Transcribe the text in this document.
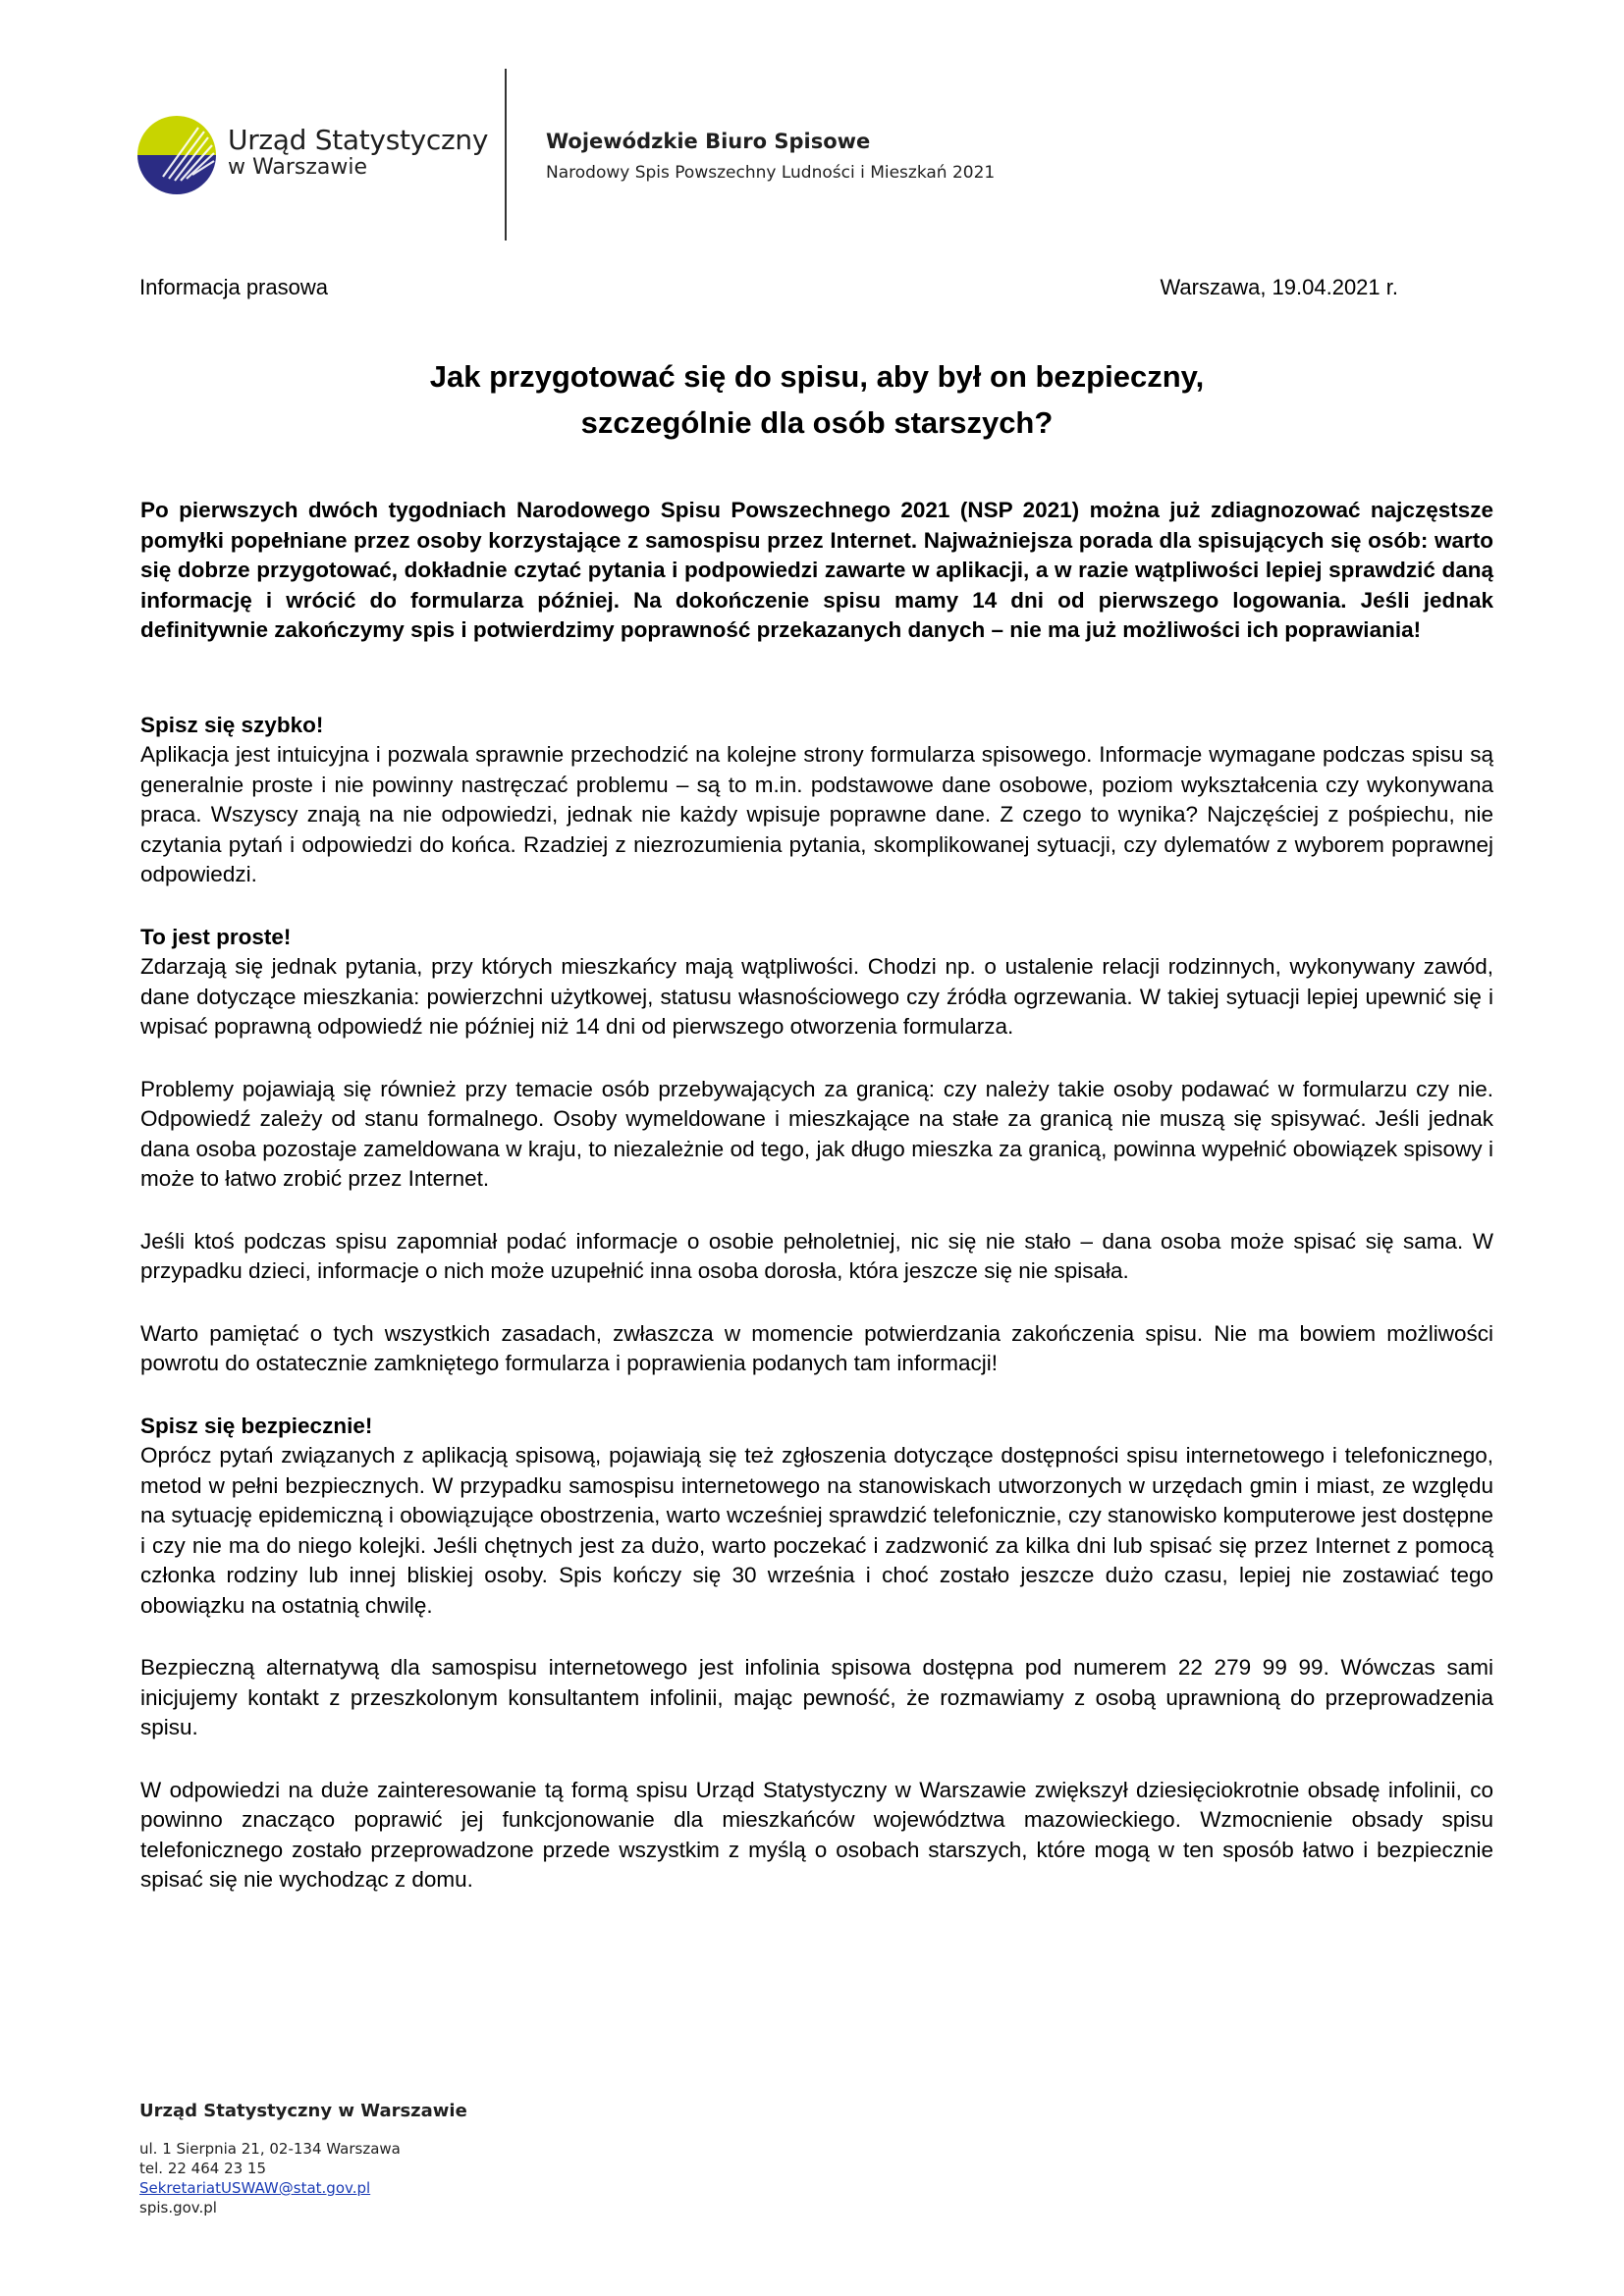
Urząd Statystyczny
w Warszawie
Wojewódzkie Biuro Spisowe
Narodowy Spis Powszechny Ludności i Mieszkań 2021
Informacja prasowa	Warszawa, 19.04.2021 r.
Jak przygotować się do spisu, aby był on bezpieczny,
szczególnie dla osób starszych?

Po pierwszych dwóch tygodniach Narodowego Spisu Powszechnego 2021 (NSP 2021) można już zdiagnozować najczęstsze pomyłki popełniane przez osoby korzystające z samospisu przez Internet. Najważniejsza porada dla spisujących się osób: warto się dobrze przygotować, dokładnie czytać pytania i podpowiedzi zawarte w aplikacji, a w razie wątpliwości lepiej sprawdzić daną informację i wrócić do formularza później. Na dokończenie spisu mamy 14 dni od pierwszego logowania. Jeśli jednak definitywnie zakończymy spis i potwierdzimy poprawność przekazanych danych – nie ma już możliwości ich poprawiania!

Spisz się szybko!

Aplikacja jest intuicyjna i pozwala sprawnie przechodzić na kolejne strony formularza spisowego. Informacje wymagane podczas spisu są generalnie proste i nie powinny nastręczać problemu – są to m.in. podstawowe dane osobowe, poziom wykształcenia czy wykonywana praca. Wszyscy znają na nie odpowiedzi, jednak nie każdy wpisuje poprawne dane. Z czego to wynika? Najczęściej z pośpiechu, nie czytania pytań i odpowiedzi do końca. Rzadziej z niezrozumienia pytania, skomplikowanej sytuacji, czy dylematów z wyborem poprawnej odpowiedzi.

To jest proste!

Zdarzają się jednak pytania, przy których mieszkańcy mają wątpliwości. Chodzi np. o ustalenie relacji rodzinnych, wykonywany zawód, dane dotyczące mieszkania: powierzchni użytkowej, statusu własnościowego czy źródła ogrzewania. W takiej sytuacji lepiej upewnić się i wpisać poprawną odpowiedź nie później niż 14 dni od pierwszego otworzenia formularza.

Problemy pojawiają się również przy temacie osób przebywających za granicą: czy należy takie osoby podawać w formularzu czy nie. Odpowiedź zależy od stanu formalnego. Osoby wymeldowane i mieszkające na stałe za granicą nie muszą się spisywać. Jeśli jednak dana osoba pozostaje zameldowana w kraju, to niezależnie od tego, jak długo mieszka za granicą, powinna wypełnić obowiązek spisowy i może to łatwo zrobić przez Internet.

Jeśli ktoś podczas spisu zapomniał podać informacje o osobie pełnoletniej, nic się nie stało – dana osoba może spisać się sama. W przypadku dzieci, informacje o nich może uzupełnić inna osoba dorosła, która jeszcze się nie spisała.

Warto pamiętać o tych wszystkich zasadach, zwłaszcza w momencie potwierdzania zakończenia spisu. Nie ma bowiem możliwości powrotu do ostatecznie zamkniętego formularza i poprawienia podanych tam informacji!

Spisz się bezpiecznie!

Oprócz pytań związanych z aplikacją spisową, pojawiają się też zgłoszenia dotyczące dostępności spisu internetowego i telefonicznego, metod w pełni bezpiecznych. W przypadku samospisu internetowego na stanowiskach utworzonych w urzędach gmin i miast, ze względu na sytuację epidemiczną i obowiązujące obostrzenia, warto wcześniej sprawdzić telefonicznie, czy stanowisko komputerowe jest dostępne i czy nie ma do niego kolejki. Jeśli chętnych jest za dużo, warto poczekać i zadzwonić za kilka dni lub spisać się przez Internet z pomocą członka rodziny lub innej bliskiej osoby. Spis kończy się 30 września i choć zostało jeszcze dużo czasu, lepiej nie zostawiać tego obowiązku na ostatnią chwilę.

Bezpieczną alternatywą dla samospisu internetowego jest infolinia spisowa dostępna pod numerem 22 279 99 99. Wówczas sami inicjujemy kontakt z przeszkolonym konsultantem infolinii, mając pewność, że rozmawiamy z osobą uprawnioną do przeprowadzenia spisu.

W odpowiedzi na duże zainteresowanie tą formą spisu Urząd Statystyczny w Warszawie zwiększył dziesięciokrotnie obsadę infolinii, co powinno znacząco poprawić jej funkcjonowanie dla mieszkańców województwa mazowieckiego. Wzmocnienie obsady spisu telefonicznego zostało przeprowadzone przede wszystkim z myślą o osobach starszych, które mogą w ten sposób łatwo i bezpiecznie spisać się nie wychodząc z domu.

Urząd Statystyczny w Warszawie
ul. 1 Sierpnia 21, 02-134 Warszawa
tel. 22 464 23 15
SekretariatUSWAW@stat.gov.pl
spis.gov.pl
